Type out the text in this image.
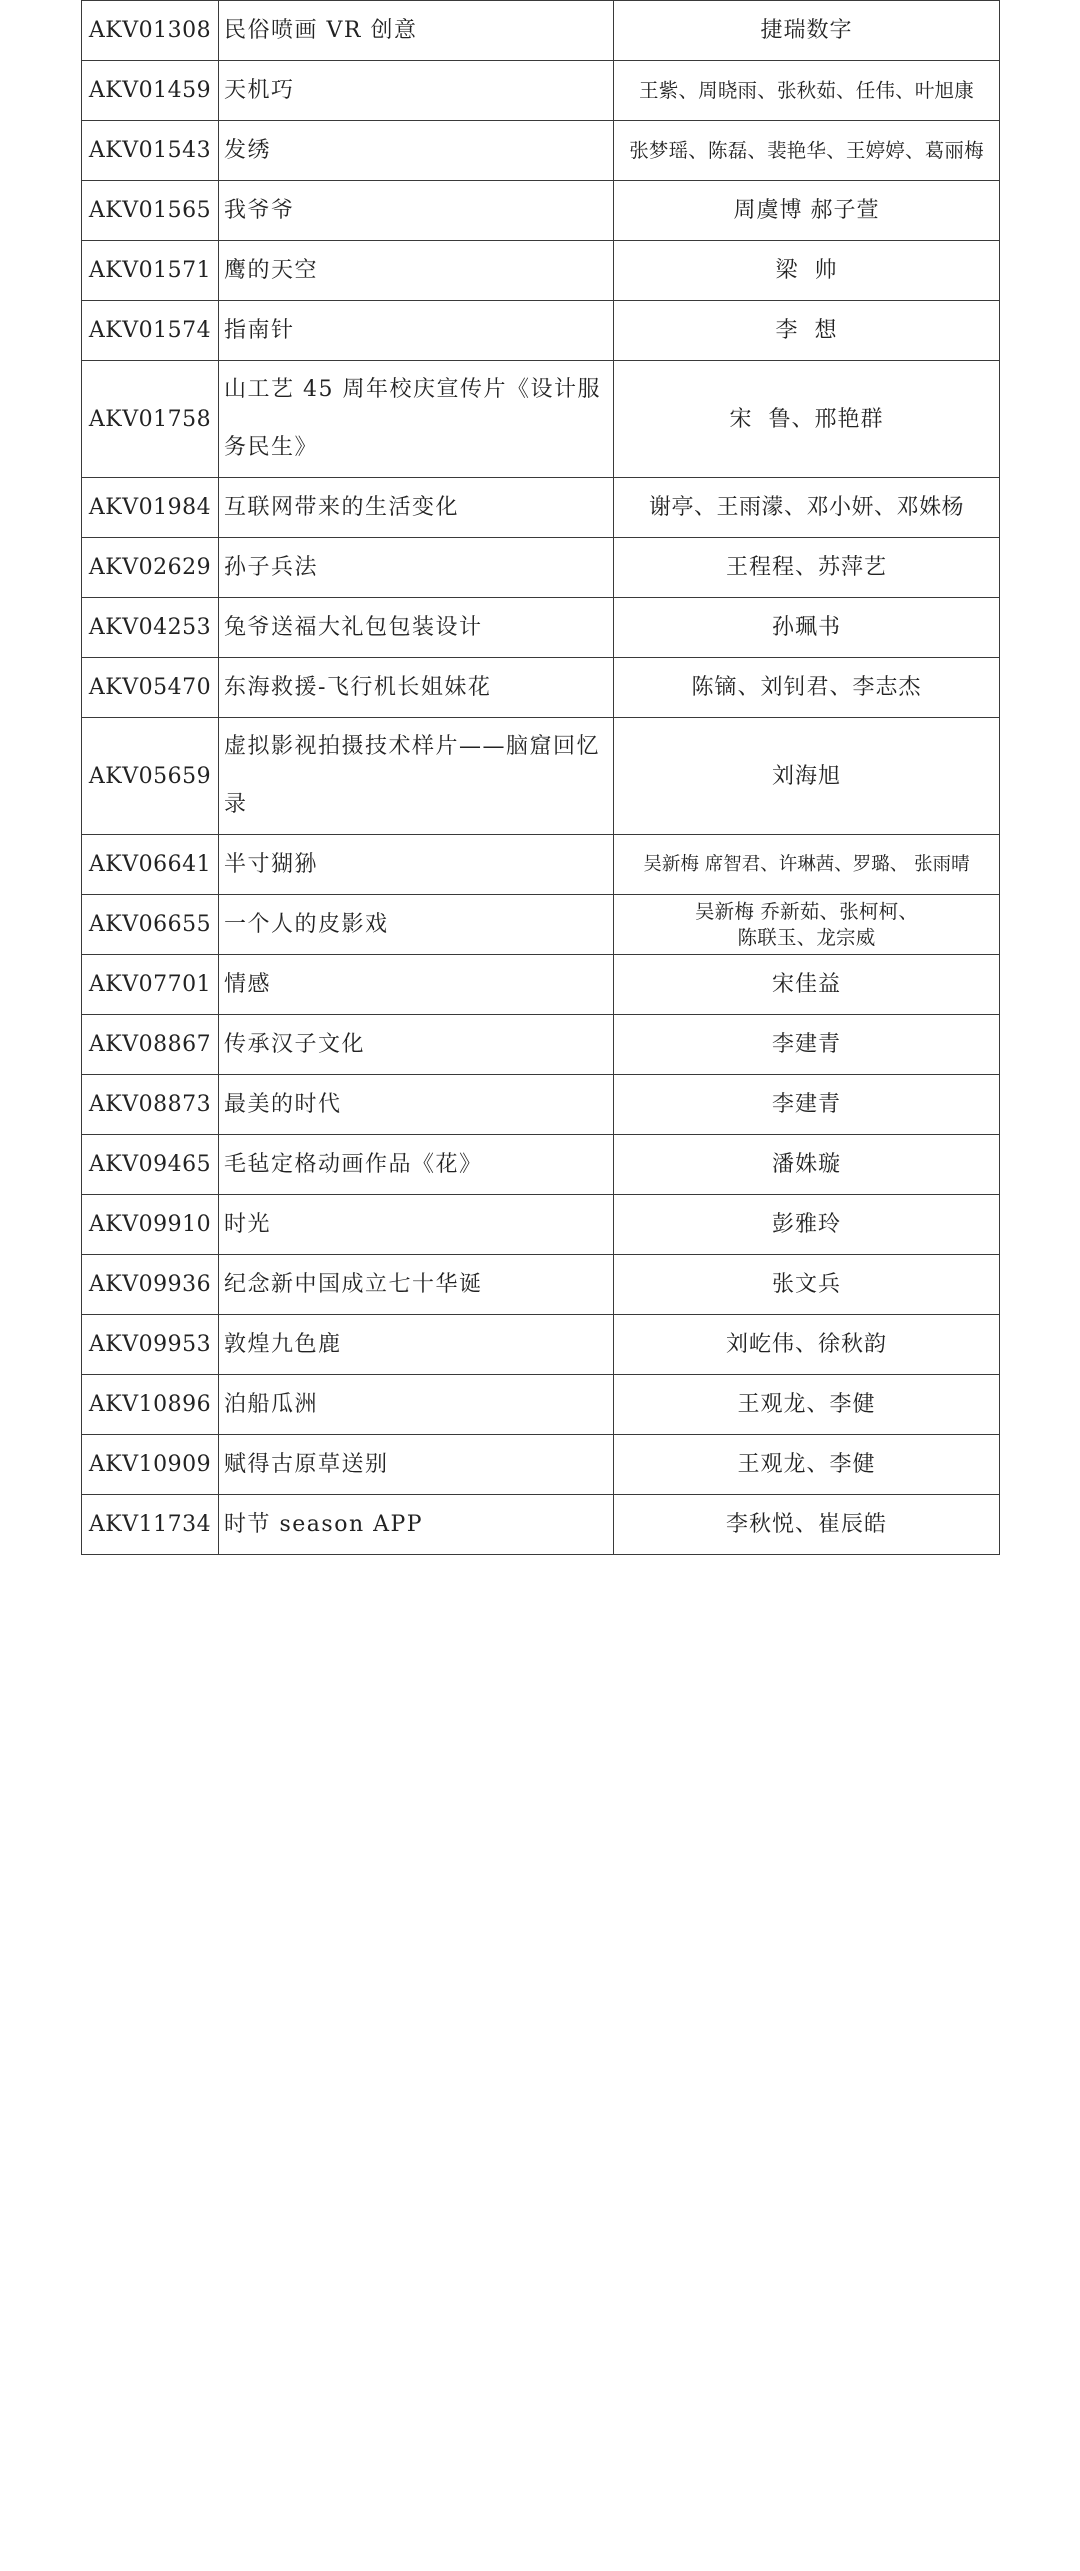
AKV01308	民俗喷画 VR 创意	捷瑞数字
AKV01459	天机巧	王紫、周晓雨、张秋茹、任伟、叶旭康
AKV01543	发绣	张梦瑶、陈磊、裴艳华、王婷婷、葛丽梅
AKV01565	我爷爷	周虞博 郝子萱
AKV01571	鹰的天空	梁  帅
AKV01574	指南针	李  想
AKV01758	山工艺 45 周年校庆宣传片《设计服务民生》	宋  鲁、邢艳群
AKV01984	互联网带来的生活变化	谢亭、王雨濛、邓小妍、邓姝杨
AKV02629	孙子兵法	王程程、苏萍艺
AKV04253	兔爷送福大礼包包装设计	孙珮书
AKV05470	东海救援-飞行机长姐妹花	陈镝、刘钊君、李志杰
AKV05659	虚拟影视拍摄技术样片——脑窟回忆录	刘海旭
AKV06641	半寸猢狲	吴新梅 席智君、许琳茜、罗璐、 张雨晴
AKV06655	一个人的皮影戏	吴新梅 乔新茹、张柯柯、
陈联玉、龙宗威

AKV07701	情感	宋佳益
AKV08867	传承汉子文化	李建青
AKV08873	最美的时代	李建青
AKV09465	毛毡定格动画作品《花》	潘姝璇
AKV09910	时光	彭雅玲
AKV09936	纪念新中国成立七十华诞	张文兵
AKV09953	敦煌九色鹿	刘屹伟、徐秋韵
AKV10896	泊船瓜洲	王观龙、李健
AKV10909	赋得古原草送别	王观龙、李健
AKV11734	时节 season APP	李秋悦、崔辰皓
